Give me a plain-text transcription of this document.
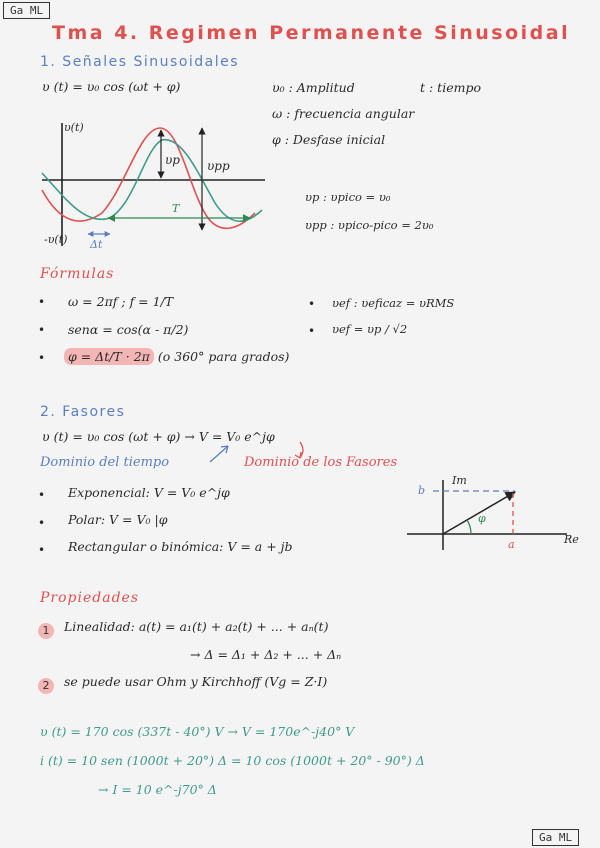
Ga ML
Tma 4. Regimen Permanente Sinusoidal
1. Señales Sinusoidales
υ (t) = υ₀ cos (ωt + φ)	υ₀ : Amplitud	t : tiempo
ω : frecuencia angular
φ : Desfase inicial
υ(t)
-υ(t)
υp υpp
T
Δt
υp : υpico = υ₀
υpp : υpico-pico = 2υ₀
Fórmulas
• ω = 2πf ; f = 1/T
• senα = cos(α - π/2)
•	φ = Δt/T · 2π (o 360° para grados)
• υef : υeficaz = υRMS
• υef = υp / √2
2. Fasores
υ (t) = υ₀ cos (ωt + φ) → V = V₀ e^jφ
Dominio del tiempo	Dominio de los Fasores
• Exponencial: V = V₀ e^jφ
• Polar: V = V₀ |φ
• Rectangular o binómica: V = a + jb
Im
b
Re
a
φ
Propiedades
1	Linealidad: a(t) = a₁(t) + a₂(t) + ... + aₙ(t)
→ Δ = Δ₁ + Δ₂ + ... + Δₙ
2	se puede usar Ohm y Kirchhoff (Vg = Z·I)
υ (t) = 170 cos (337t - 40°) V → V = 170e^-j40° V
i (t) = 10 sen (1000t + 20°) Δ = 10 cos (1000t + 20° - 90°) Δ
→ I = 10 e^-j70° Δ
Ga ML
